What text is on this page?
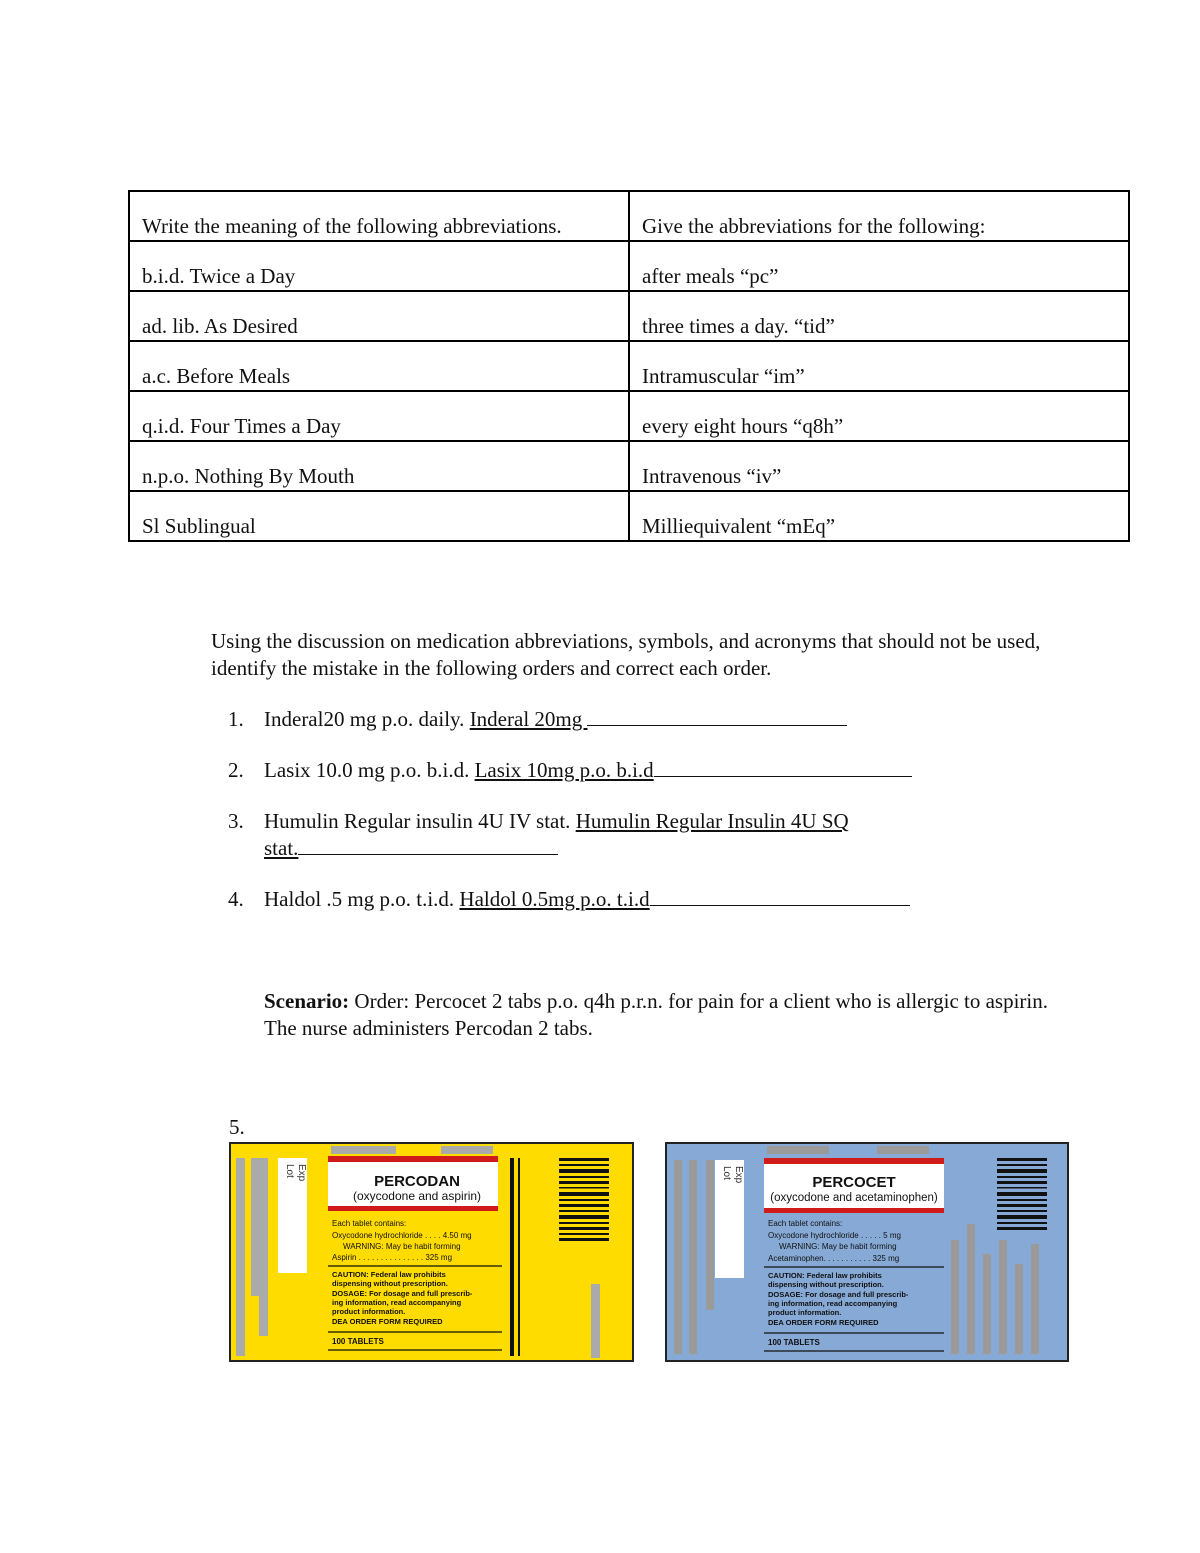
Write the meaning of the following abbreviations.	Give the abbreviations for the following:

b.i.d. Twice a Day	after meals “pc”

ad. lib. As Desired	three times a day. “tid”

a.c. Before Meals	Intramuscular “im”

q.i.d. Four Times a Day	every eight hours “q8h”

n.p.o. Nothing By Mouth	Intravenous “iv”

Sl Sublingual	Milliequivalent “mEq”

Using the discussion on medication abbreviations, symbols, and acronyms that should not be used, identify the mistake in the following orders and correct each order.

1. Inderal20 mg p.o. daily. Inderal 20mg
2. Lasix 10.0 mg p.o. b.i.d. Lasix 10mg p.o. b.i.d
3. Humulin Regular insulin 4U IV stat. Humulin Regular Insulin 4U SQ
stat.
4. Haldol .5 mg p.o. t.i.d. Haldol 0.5mg p.o. t.i.d

Scenario: Order: Percocet 2 tabs p.o. q4h p.r.n. for pain for a client who is allergic to aspirin. The nurse administers Percodan 2 tabs.

5.
Lot Exp
PERCODAN
(oxycodone and aspirin)
Each tablet contains:
Oxycodone hydrochloride . . . . 4.50 mg
WARNING: May be habit forming
Aspirin . . . . . . . . . . . . . . . 325 mg
CAUTION: Federal law prohibits
dispensing without prescription.
DOSAGE: For dosage and full prescrib-
ing information, read accompanying
product information.
DEA ORDER FORM REQUIRED
100 TABLETS
Lot Exp	PERCOCET
(oxycodone and acetaminophen)
Each tablet contains:
Oxycodone hydrochloride . . . . . 5 mg
WARNING: May be habit forming
Acetaminophen. . . . . . . . . . . 325 mg
CAUTION: Federal law prohibits
dispensing without prescription.
DOSAGE: For dosage and full prescrib-
ing information, read accompanying
product information.
DEA ORDER FORM REQUIRED
100 TABLETS
